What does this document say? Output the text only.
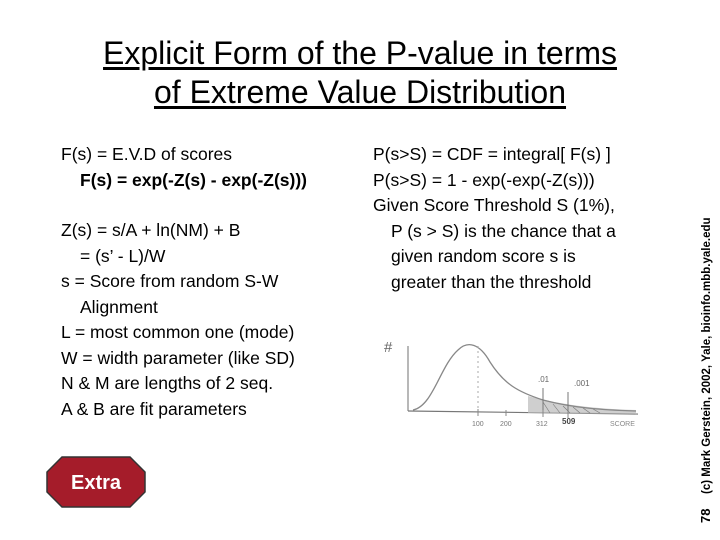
Explicit Form of the P-value in terms
of Extreme Value Distribution
F(s) = E.V.D of scores
F(s) = exp(-Z(s) - exp(-Z(s)))
Z(s) = s/A + ln(NM) + B
= (s’ - L)/W
s = Score from random S-W
Alignment
L = most common one (mode)
W = width parameter (like SD)
N & M are lengths of 2 seq.
A & B are fit parameters
P(s>S) = CDF = integral[ F(s) ]
P(s>S) = 1 - exp(-exp(-Z(s)))
Given Score Threshold S (1%),
P (s > S) is the chance that a
given random score s is
greater than the threshold
#
.01	.001
100 200	312 509	SCORE
Extra
78
(c) Mark Gerstein, 2002, Yale, bioinfo.mbb.yale.edu
